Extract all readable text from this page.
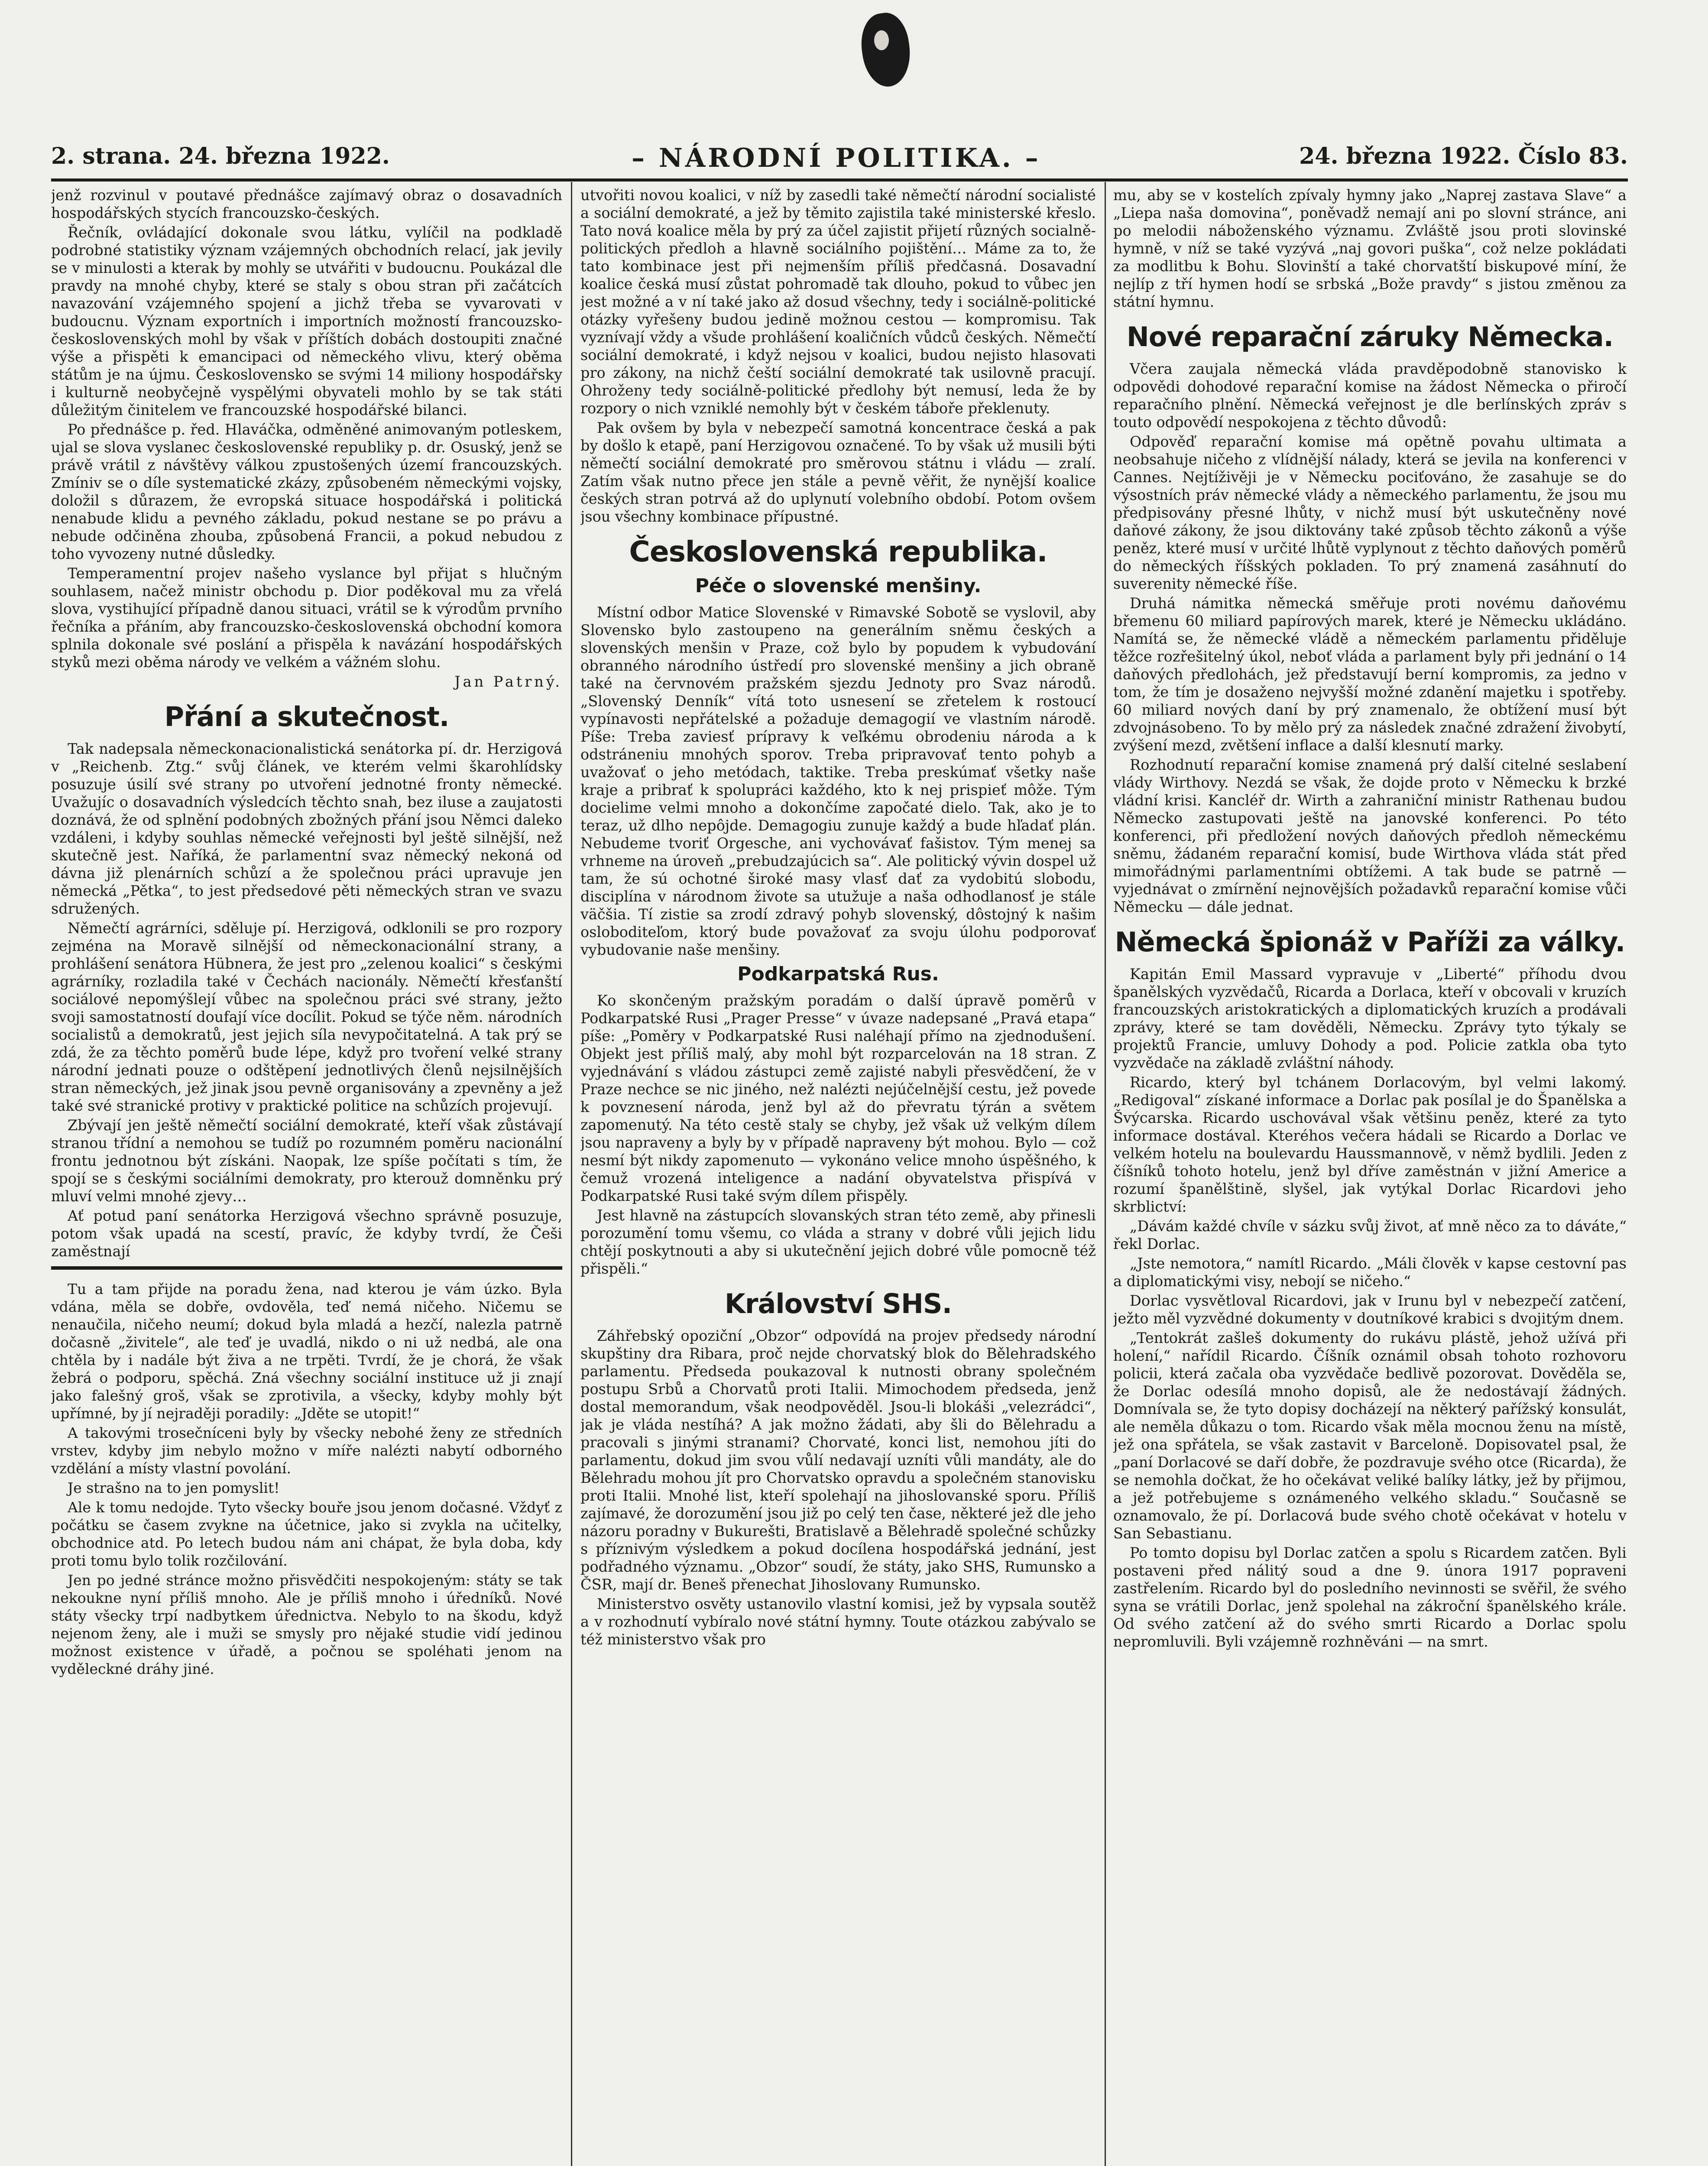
2. strana. 24. března 1922.	– NÁRODNÍ POLITIKA. –	24. března 1922. Číslo 83.

jenž rozvinul v poutavé přednášce zajímavý obraz o dosavadních hospodářských stycích francouzsko-českých.

Řečník, ovládající dokonale svou látku, vylíčil na podkladě podrobné statistiky význam vzájemných obchodních relací, jak jevily se v minulosti a kterak by mohly se utvářiti v budoucnu. Poukázal dle pravdy na mnohé chyby, které se staly s obou stran při začátcích navazování vzájemného spojení a jichž třeba se vyvarovati v budoucnu. Význam exportních i importních možností francouzsko-československých mohl by však v příštích dobách dostoupiti značné výše a přispěti k emancipaci od německého vlivu, který oběma státům je na újmu. Československo se svými 14 miliony hospodářsky i kulturně neobyčejně vyspělými obyvateli mohlo by se tak státi důležitým činitelem ve francouzské hospodářské bilanci.

Po přednášce p. řed. Hlaváčka, odměněné animovaným potleskem, ujal se slova vyslanec československé republiky p. dr. Osuský, jenž se právě vrátil z návštěvy válkou zpustošených území francouzských. Zmíniv se o díle systematické zkázy, způsobeném německými vojsky, doložil s důrazem, že evropská situace hospodářská i politická nenabude klidu a pevného základu, pokud nestane se po právu a nebude odčiněna zhouba, způsobená Francii, a pokud nebudou z toho vyvozeny nutné důsledky.

Temperamentní projev našeho vyslance byl přijat s hlučným souhlasem, načež ministr obchodu p. Dior poděkoval mu za vřelá slova, vystihující případně danou situaci, vrátil se k výrodům prvního řečníka a přáním, aby francouzsko-československá obchodní komora splnila dokonale své poslání a přispěla k navázání hospodářských styků mezi oběma národy ve velkém a vážném slohu.

Jan Patrný.
Přání a skutečnost.

Tak nadepsala německonacionalistická senátorka pí. dr. Herzigová v „Reichenb. Ztg.“ svůj článek, ve kterém velmi škarohlídsky posuzuje úsilí své strany po utvoření jednotné fronty německé. Uvažujíc o dosavadních výsledcích těchto snah, bez iluse a zaujatosti doznává, že od splnění podobných zbožných přání jsou Němci daleko vzdáleni, i kdyby souhlas německé veřejnosti byl ještě silnější, než skutečně jest. Naříká, že parlamentní svaz německý nekoná od dávna již plenárních schůzí a že společnou práci upravuje jen německá „Pětka“, to jest předsedové pěti německých stran ve svazu sdružených.

Němečtí agrárníci, sděluje pí. Herzigová, odklonili se pro rozpory zejména na Moravě silnější od německonacionální strany, a prohlášení senátora Hübnera, že jest pro „zelenou koalici“ s českými agrárníky, rozladila také v Čechách nacionály. Němečtí křesťanští sociálové nepomýšlejí vůbec na společnou práci své strany, ježto svoji samostatností doufají více docílit. Pokud se týče něm. národních socialistů a demokratů, jest jejich síla nevypočitatelná. A tak prý se zdá, že za těchto poměrů bude lépe, když pro tvoření velké strany národní jednati pouze o odštěpení jednotlivých členů nejsilnějších stran německých, jež jinak jsou pevně organisovány a zpevněny a jež také své stranické protivy v praktické politice na schůzích projevují.

Zbývají jen ještě němečtí sociální demokraté, kteří však zůstávají stranou třídní a nemohou se tudíž po rozumném poměru nacionální frontu jednotnou být získáni. Naopak, lze spíše počítati s tím, že spojí se s českými sociálními demokraty, pro kterouž domněnku prý mluví velmi mnohé zjevy…

Ať potud paní senátorka Herzigová všechno správně posuzuje, potom však upadá na scestí, pravíc, že kdyby tvrdí, že Češi zaměstnají

Tu a tam přijde na poradu žena, nad kterou je vám úzko. Byla vdána, měla se dobře, ovdověla, teď nemá ničeho. Ničemu se nenaučila, ničeho neumí; dokud byla mladá a hezčí, nalezla patrně dočasně „živitele“, ale teď je uvadlá, nikdo o ni už nedbá, ale ona chtěla by i nadále být živa a ne trpěti. Tvrdí, že je chorá, že však žebrá o podporu, spěchá. Zná všechny sociální instituce už ji znají jako falešný groš, však se zprotivila, a všecky, kdyby mohly být upřímné, by jí nejraději poradily: „Jděte se utopit!“

A takovými trosečníceni byly by všecky nebohé ženy ze středních vrstev, kdyby jim nebylo možno v míře nalézti nabytí odborného vzdělání a místy vlastní povolání.

Je strašno na to jen pomyslit!

Ale k tomu nedojde. Tyto všecky bouře jsou jenom dočasné. Vždyť z počátku se časem zvykne na účetnice, jako si zvykla na učitelky, obchodnice atd. Po letech budou nám ani chápat, že byla doba, kdy proti tomu bylo tolik rozčilování.

Jen po jedné stránce možno přisvědčiti nespokojeným: státy se tak nekoukne nyní příliš mnoho. Ale je příliš mnoho i úředníků. Nové státy všecky trpí nadbytkem úřednictva. Nebylo to na škodu, když nejenom ženy, ale i muži se smysly pro nějaké studie vidí jedinou možnost existence v úřadě, a počnou se spoléhati jenom na vyděleckné dráhy jiné.

utvořiti novou koalici, v níž by zasedli také němečtí národní socialisté a sociální demokraté, a jež by těmito zajistila také ministerské křeslo. Tato nová koalice měla by prý za účel zajistit přijetí různých socialně-politických předloh a hlavně sociálního pojištění… Máme za to, že tato kombinace jest při nejmenším příliš předčasná. Dosavadní koalice česká musí zůstat pohromadě tak dlouho, pokud to vůbec jen jest možné a v ní také jako až dosud všechny, tedy i sociálně-politické otázky vyřešeny budou jedině možnou cestou — kompromisu. Tak vyznívají vždy a všude prohlášení koaličních vůdců českých. Němečtí sociální demokraté, i když nejsou v koalici, budou nejisto hlasovati pro zákony, na nichž čeští sociální demokraté tak usilovně pracují. Ohroženy tedy sociálně-politické předlohy být nemusí, leda že by rozpory o nich vzniklé nemohly být v českém táboře překlenuty.

Pak ovšem by byla v nebezpečí samotná koncentrace česká a pak by došlo k etapě, paní Herzigovou označené. To by však už musili býti němečtí sociální demokraté pro směrovou státnu i vládu — zralí. Zatím však nutno přece jen stále a pevně věřit, že nynější koalice českých stran potrvá až do uplynutí volebního období. Potom ovšem jsou všechny kombinace přípustné.

Československá republika.
Péče o slovenské menšiny.

Místní odbor Matice Slovenské v Rimavské Sobotě se vyslovil, aby Slovensko bylo zastoupeno na generálním sněmu českých a slovenských menšin v Praze, což bylo by popudem k vybudování obranného národního ústředí pro slovenské menšiny a jich obraně také na červnovém pražském sjezdu Jednoty pro Svaz národů. „Slovenský Denník“ vítá toto usnesení se zřetelem k rostoucí vypínavosti nepřátelské a požaduje demagogií ve vlastním národě. Píše: Treba zaviesť prípravy k veľkému obrodeniu národa a k odstráneniu mnohých sporov. Treba pripravovať tento pohyb a uvažovať o jeho metódach, taktike. Treba preskúmať všetky naše kraje a pribrať k spolupráci každého, kto k nej prispieť môže. Tým docielime velmi mnoho a dokončíme započaté dielo. Tak, ako je to teraz, už dlho nepôjde. Demagogiu zunuje každý a bude hľadať plán. Nebudeme tvoriť Orgesche, ani vychovávať fašistov. Tým menej sa vrhneme na úroveň „prebudzajúcich sa“. Ale politický vývin dospel už tam, že sú ochotné široké masy vlasť dať za vydobitú slobodu, disciplína v národnom živote sa utužuje a naša odhodlanosť je stále väčšia. Tí zistie sa zrodí zdravý pohyb slovenský, dôstojný k našim osloboditeľom, ktorý bude považovať za svoju úlohu podporovať vybudovanie naše menšiny.

Podkarpatská Rus.

Ko skončeným pražským poradám o další úpravě poměrů v Podkarpatské Rusi „Prager Presse“ v úvaze nadepsané „Pravá etapa“ píše: „Poměry v Podkarpatské Rusi naléhají přímo na zjednodušení. Objekt jest příliš malý, aby mohl být rozparcelován na 18 stran. Z vyjednávání s vládou zástupci země zajisté nabyli přesvědčení, že v Praze nechce se nic jiného, než nalézti nejúčelnější cestu, jež povede k povznesení národa, jenž byl až do převratu týrán a světem zapomenutý. Na této cestě staly se chyby, jež však už velkým dílem jsou napraveny a byly by v případě napraveny být mohou. Bylo — což nesmí být nikdy zapomenuto — vykonáno velice mnoho úspěšného, k čemuž vrozená inteligence a nadání obyvatelstva přispívá v Podkarpatské Rusi také svým dílem přispěly.

Jest hlavně na zástupcích slovanských stran této země, aby přinesli porozumění tomu všemu, co vláda a strany v dobré vůli jejich lidu chtějí poskytnouti a aby si ukutečnění jejich dobré vůle pomocně též přispěli.“

Království SHS.

Záhřebský opoziční „Obzor“ odpovídá na projev předsedy národní skupštiny dra Ribara, proč nejde chorvatský blok do Bělehradského parlamentu. Předseda poukazoval k nutnosti obrany společném postupu Srbů a Chorvatů proti Italii. Mimochodem předseda, jenž dostal memorandum, však neodpověděl. Jsou-li blokáši „velezrádci“, jak je vláda nestíhá? A jak možno žádati, aby šli do Bělehradu a pracovali s jinými stranami? Chorvaté, konci list, nemohou jíti do parlamentu, dokud jim svou vůlí nedavají uzníti vůli mandáty, ale do Bělehradu mohou jít pro Chorvatsko opravdu a společném stanovisku proti Italii. Mnohé list, kteří spolehají na jihoslovanské sporu. Příliš zajímavé, že dorozumění jsou již po celý ten čase, některé jež dle jeho názoru poradny v Bukurešti, Bratislavě a Bělehradě společné schůzky s příznivým výsledkem a pokud docílena hospodářská jednání, jest podřadného významu. „Obzor“ soudí, že státy, jako SHS, Rumunsko a ČSR, mají dr. Beneš přenechat Jihoslovany Rumunsko.

Ministerstvo osvěty ustanovilo vlastní komisi, jež by vypsala soutěž a v rozhodnutí vybíralo nové státní hymny. Toute otázkou zabývalo se též ministerstvo však pro

mu, aby se v kostelích zpívaly hymny jako „Naprej zastava Slave“ a „Liepa naša domovina“, poněvadž nemají ani po slovní stránce, ani po melodii náboženského významu. Zvláště jsou proti slovinské hymně, v níž se také vyzývá „naj govori puška“, což nelze pokládati za modlitbu k Bohu. Slovinští a také chorvatští biskupové míní, že nejlíp z tří hymen hodí se srbská „Bože pravdy“ s jistou změnou za státní hymnu.

Nové reparační záruky Německa.

Včera zaujala německá vláda pravděpodobně stanovisko k odpovědi dohodové reparační komise na žádost Německa o přiročí reparačního plnění. Německá veřejnost je dle berlínských zpráv s touto odpovědí nespokojena z těchto důvodů:

Odpověď reparační komise má opětně povahu ultimata a neobsahuje ničeho z vlídnější nálady, která se jevila na konferenci v Cannes. Nejtíživěji je v Německu pociťováno, že zasahuje se do výsostních práv německé vlády a německého parlamentu, že jsou mu předpisovány přesné lhůty, v nichž musí být uskutečněny nové daňové zákony, že jsou diktovány také způsob těchto zákonů a výše peněz, které musí v určité lhůtě vyplynout z těchto daňových poměrů do německých říšských pokladen. To prý znamená zasáhnutí do suverenity německé říše.

Druhá námitka německá směřuje proti novému daňovému břemenu 60 miliard papírových marek, které je Německu ukládáno. Namítá se, že německé vládě a německém parlamentu přiděluje těžce rozřešitelný úkol, neboť vláda a parlament byly při jednání o 14 daňových předlohách, jež představují berní kompromis, za jedno v tom, že tím je dosaženo nejvyšší možné zdanění majetku i spotřeby. 60 miliard nových daní by prý znamenalo, že obtížení musí být zdvojnásobeno. To by mělo prý za následek značné zdražení živobytí, zvýšení mezd, zvětšení inflace a další klesnutí marky.

Rozhodnutí reparační komise znamená prý další citelné seslabení vlády Wirthovy. Nezdá se však, že dojde proto v Německu k brzké vládní krisi. Kancléř dr. Wirth a zahraniční ministr Rathenau budou Německo zastupovati ještě na janovské konferenci. Po této konferenci, při předložení nových daňových předloh německému sněmu, žádaném reparační komisí, bude Wirthova vláda stát před mimořádnými parlamentními obtížemi. A tak bude se patrně — vyjednávat o zmírnění nejnovějších požadavků reparační komise vůči Německu — dále jednat.

Německá špionáž v Paříži za války.

Kapitán Emil Massard vypravuje v „Liberté“ příhodu dvou španělských vyzvědačů, Ricarda a Dorlaca, kteří v obcovali v kruzích francouzských aristokratických a diplomatických kruzích a prodávali zprávy, které se tam dověděli, Německu. Zprávy tyto týkaly se projektů Francie, umluvy Dohody a pod. Policie zatkla oba tyto vyzvědače na základě zvláštní náhody.

Ricardo, který byl tchánem Dorlacovým, byl velmi lakomý. „Redigoval“ získané informace a Dorlac pak posílal je do Španělska a Švýcarska. Ricardo uschovával však většinu peněz, které za tyto informace dostával. Kteréhos večera hádali se Ricardo a Dorlac ve velkém hotelu na boulevardu Haussmannově, v němž bydlili. Jeden z číšníků tohoto hotelu, jenž byl dříve zaměstnán v jižní Americe a rozumí španělštině, slyšel, jak vytýkal Dorlac Ricardovi jeho skrblictví:

„Dávám každé chvíle v sázku svůj život, ať mně něco za to dáváte,“ řekl Dorlac.

„Jste nemotora,“ namítl Ricardo. „Máli člověk v kapse cestovní pas a diplomatickými visy, nebojí se ničeho.“

Dorlac vysvětloval Ricardovi, jak v Irunu byl v nebezpečí zatčení, ježto měl vyzvědné dokumenty v doutníkové krabici s dvojitým dnem.

„Tentokrát zašleš dokumenty do rukávu plástě, jehož užívá při holení,“ nařídil Ricardo. Číšník oznámil obsah tohoto rozhovoru policii, která začala oba vyzvědače bedlivě pozorovat. Dověděla se, že Dorlac odesílá mnoho dopisů, ale že nedostávají žádných. Domnívala se, že tyto dopisy docházejí na některý pařížský konsulát, ale neměla důkazu o tom. Ricardo však měla mocnou ženu na místě, jež ona spřátela, se však zastavit v Barceloně. Dopisovatel psal, že „paní Dorlacové se daří dobře, že pozdravuje svého otce (Ricarda), že se nemohla dočkat, že ho očekávat veliké balíky látky, jež by přijmou, a jež potřebujeme s oznámeného velkého skladu.“ Současně se oznamovalo, že pí. Dorlacová bude svého chotě očekávat v hotelu v San Sebastianu.

Po tomto dopisu byl Dorlac zatčen a spolu s Ricardem zatčen. Byli postaveni před nálitý soud a dne 9. února 1917 popraveni zastřelením. Ricardo byl do posledního nevinnosti se svěřil, že svého syna se vrátili Dorlac, jenž spolehal na zákroční španělského krále. Od svého zatčení až do svého smrti Ricardo a Dorlac spolu nepromluvili. Byli vzájemně rozhněváni — na smrt.
